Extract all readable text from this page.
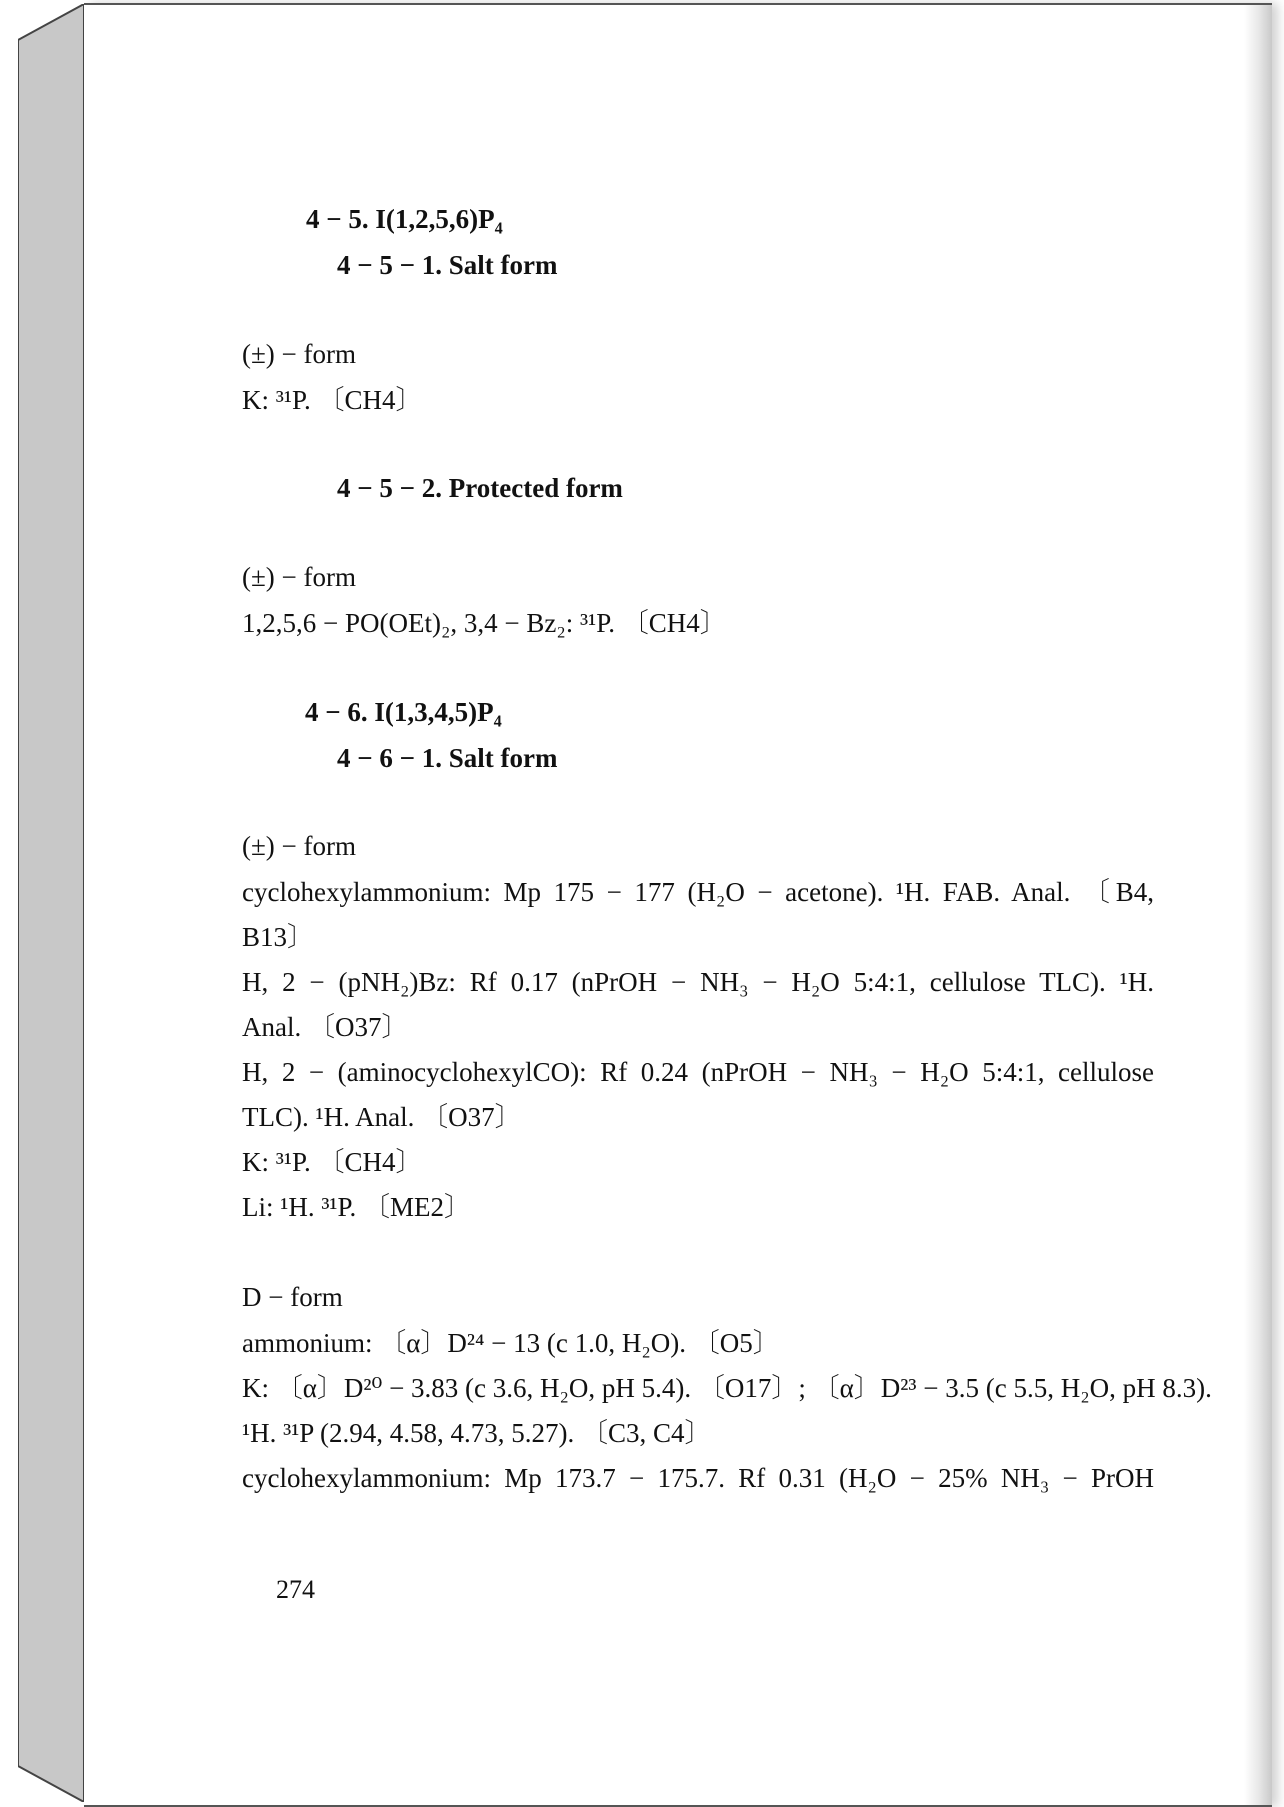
4 − 5. I(1,2,5,6)P₄
4 − 5 − 1. Salt form
(±) − form
K: ³¹P. 〔CH4〕
4 − 5 − 2. Protected form
(±) − form
1,2,5,6 − PO(OEt)₂, 3,4 − Bz₂: ³¹P. 〔CH4〕
4 − 6. I(1,3,4,5)P₄
4 − 6 − 1. Salt form
(±) − form
cyclohexylammonium: Mp 175 − 177 (H₂O − acetone). ¹H. FAB. Anal. 〔B4,
B13〕
H, 2 − (pNH₂)Bz: Rf 0.17 (nPrOH − NH₃ − H₂O 5:4:1, cellulose TLC). ¹H.
Anal. 〔O37〕
H, 2 − (aminocyclohexylCO): Rf 0.24 (nPrOH − NH₃ − H₂O 5:4:1, cellulose
TLC). ¹H. Anal. 〔O37〕
K: ³¹P. 〔CH4〕
Li: ¹H. ³¹P. 〔ME2〕
D − form
ammonium: 〔α〕D²⁴ − 13 (c 1.0, H₂O). 〔O5〕
K: 〔α〕D²⁰ − 3.83 (c 3.6, H₂O, pH 5.4). 〔O17〕; 〔α〕D²³ − 3.5 (c 5.5, H₂O, pH 8.3).
¹H. ³¹P (2.94, 4.58, 4.73, 5.27). 〔C3, C4〕
cyclohexylammonium: Mp 173.7 − 175.7. Rf 0.31 (H₂O − 25% NH₃ − PrOH
274
